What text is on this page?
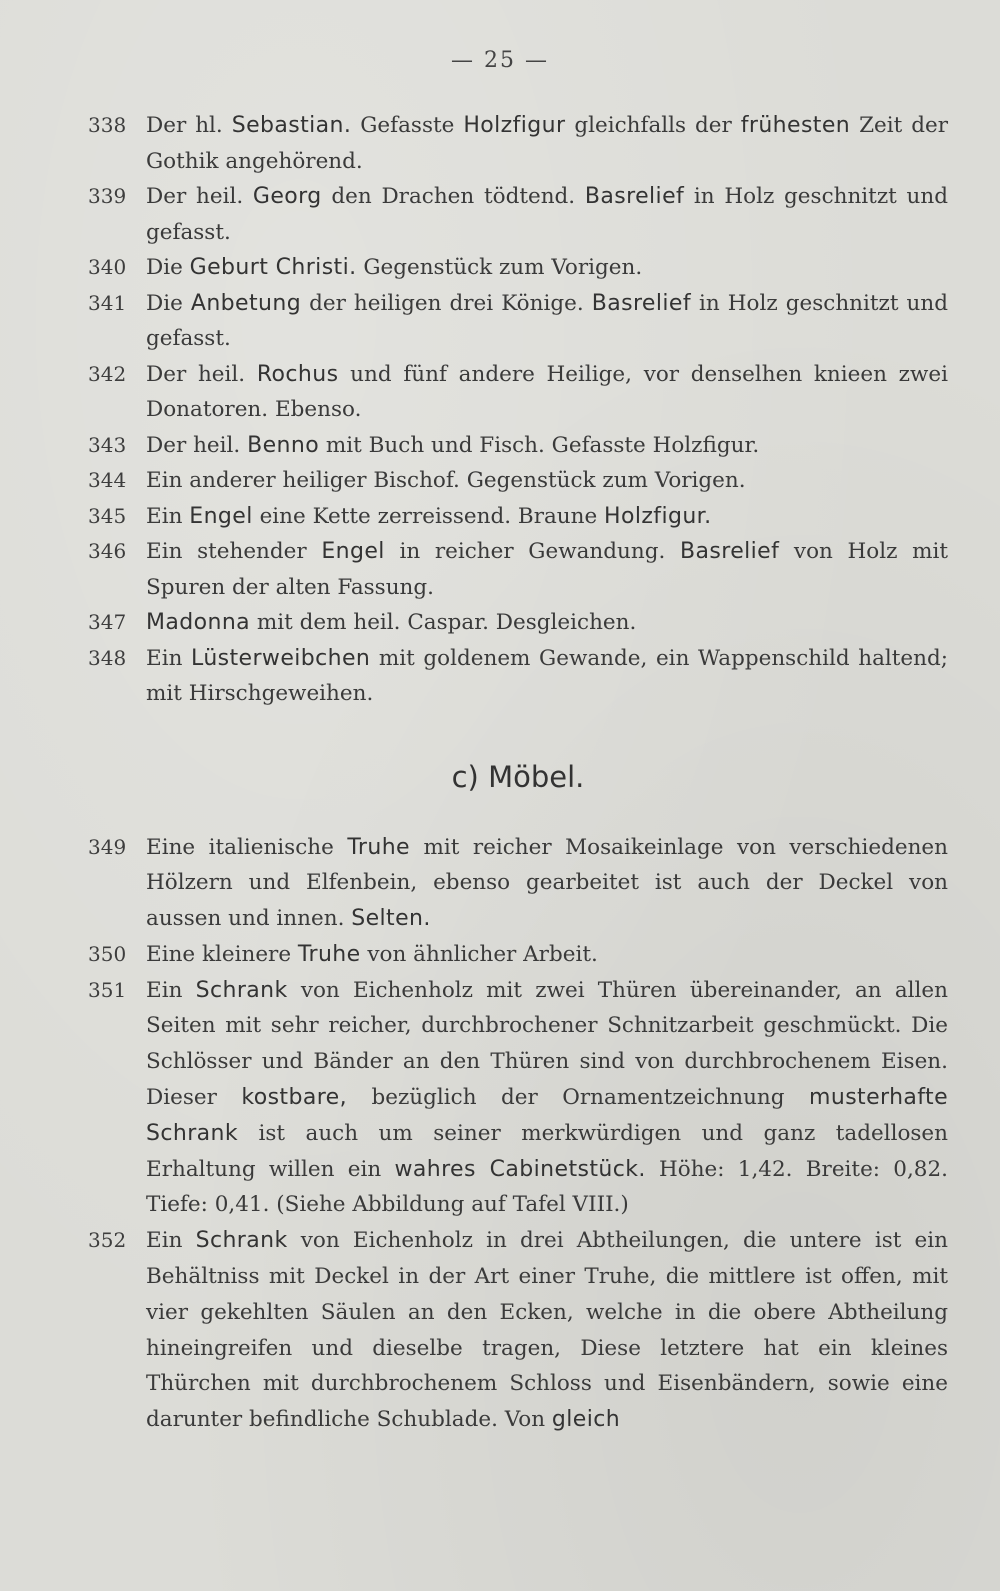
— 25 —
338 Der hl. Sebastian. Gefasste Holzfigur gleichfalls der frühesten Zeit der Gothik angehörend.
339 Der heil. Georg den Drachen tödtend. Basrelief in Holz geschnitzt und gefasst.
340 Die Geburt Christi. Gegenstück zum Vorigen.
341 Die Anbetung der heiligen drei Könige. Basrelief in Holz geschnitzt und gefasst.
342 Der heil. Rochus und fünf andere Heilige, vor denselhen knieen zwei Donatoren. Ebenso.
343 Der heil. Benno mit Buch und Fisch. Gefasste Holzfigur.
344 Ein anderer heiliger Bischof. Gegenstück zum Vorigen.
345 Ein Engel eine Kette zerreissend. Braune Holzfigur.
346 Ein stehender Engel in reicher Gewandung. Basrelief von Holz mit Spuren der alten Fassung.
347 Madonna mit dem heil. Caspar. Desgleichen.
348 Ein Lüsterweibchen mit goldenem Gewande, ein Wappenschild haltend; mit Hirschgeweihen.
c) Möbel.
349 Eine italienische Truhe mit reicher Mosaikeinlage von verschiedenen Hölzern und Elfenbein, ebenso gearbeitet ist auch der Deckel von aussen und innen. Selten.
350 Eine kleinere Truhe von ähnlicher Arbeit.
351 Ein Schrank von Eichenholz mit zwei Thüren übereinander, an allen Seiten mit sehr reicher, durchbrochener Schnitzarbeit geschmückt. Die Schlösser und Bänder an den Thüren sind von durchbrochenem Eisen. Dieser kostbare, bezüglich der Ornamentzeichnung musterhafte Schrank ist auch um seiner merkwürdigen und ganz tadellosen Erhaltung willen ein wahres Cabinetstück. Höhe: 1,42. Breite: 0,82. Tiefe: 0,41. (Siehe Abbildung auf Tafel VIII.)
352 Ein Schrank von Eichenholz in drei Abtheilungen, die untere ist ein Behältniss mit Deckel in der Art einer Truhe, die mittlere ist offen, mit vier gekehlten Säulen an den Ecken, welche in die obere Abtheilung hineingreifen und dieselbe tragen, Diese letztere hat ein kleines Thürchen mit durchbrochenem Schloss und Eisenbändern, sowie eine darunter befindliche Schublade. Von gleich
